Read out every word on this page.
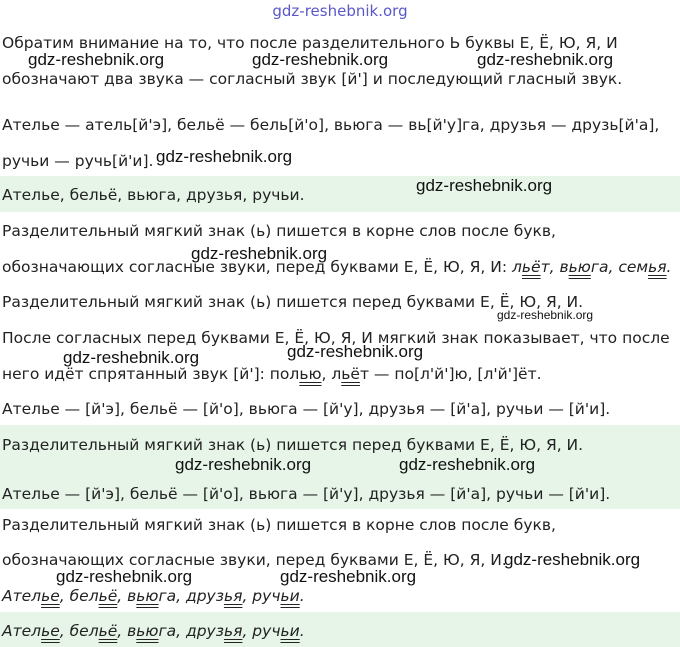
gdz-reshebnik.org
Обратим внимание на то, что после разделительного Ь буквы Е, Ё, Ю, Я, И
gdz-reshebnik.org	gdz-reshebnik.org	gdz-reshebnik.org
обозначают два звука — согласный звук [й'] и последующий гласный звук.
Ателье — атель[й'э], бельё — бель[й'о], вьюга — вь[й'у]га, друзья — друзь[й'а],
ручьи — ручь[й'и]. gdz-reshebnik.org
Ателье, бельё, вьюга, друзья, ручьи.	gdz-reshebnik.org
Разделительный мягкий знак (ь) пишется в корне слов после букв,
gdz-reshebnik.org
обозначающих согласные звуки, перед буквами Е, Ё, Ю, Я, И: льёт, вьюга, семья.
Разделительный мягкий знак (ь) пишется перед буквами Е, Ё, Ю, Я, И.
gdz-reshebnik.org
После согласных перед буквами Е, Ё, Ю, Я, И мягкий знак показывает, что после
gdz-reshebnik.org
gdz-reshebnik.org
него идёт спрятанный звук [й']: полью, льёт — по[л'й']ю, [л'й']ёт.
Ателье — [й'э], бельё — [й'о], вьюга — [й'у], друзья — [й'а], ручьи — [й'и].
Разделительный мягкий знак (ь) пишется перед буквами Е, Ё, Ю, Я, И.
gdz-reshebnik.org	gdz-reshebnik.org
Ателье — [й'э], бельё — [й'о], вьюга — [й'у], друзья — [й'а], ручьи — [й'и].
Разделительный мягкий знак (ь) пишется в корне слов после букв,
обозначающих согласные звуки, перед буквами Е, Ё, Ю, Я, И.
gdz-reshebnik.org
gdz-reshebnik.org	gdz-reshebnik.org
Ателье, бельё, вьюга, друзья, ручьи.
Ателье, бельё, вьюга, друзья, ручьи.
